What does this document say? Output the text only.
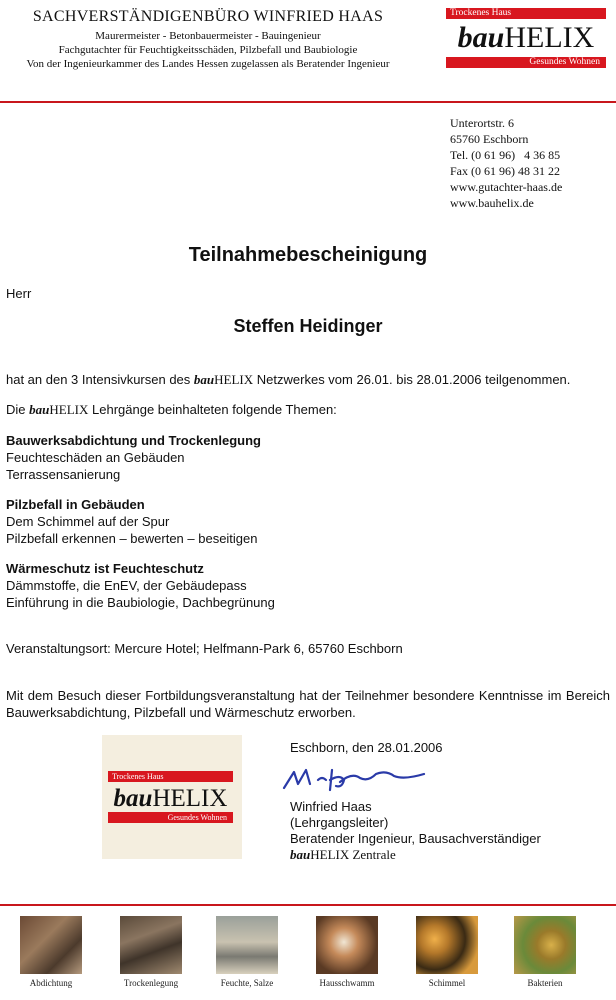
SACHVERSTÄNDIGENBÜRO WINFRIED HAAS
Maurermeister - Betonbauermeister - Bauingenieur
Fachgutachter für Feuchtigkeitsschäden, Pilzbefall und Baubiologie
Von der Ingenieurkammer des Landes Hessen zugelassen als Beratender Ingenieur
Trockenes Haus
bauHELIX
Gesundes Wohnen
Unterortstr. 6
65760 Eschborn
Tel. (0 61 96)   4 36 85
Fax (0 61 96) 48 31 22
www.gutachter-haas.de
www.bauhelix.de
Teilnahmebescheinigung
Herr
Steffen Heidinger
hat an den 3 Intensivkursen des bauHELIX Netzwerkes vom 26.01. bis 28.01.2006 teilgenommen.
Die bauHELIX Lehrgänge beinhalteten folgende Themen:
Bauwerksabdichtung und Trockenlegung
Feuchteschäden an Gebäuden
Terrassensanierung
Pilzbefall in Gebäuden
Dem Schimmel auf der Spur
Pilzbefall erkennen – bewerten – beseitigen
Wärmeschutz ist Feuchteschutz
Dämmstoffe, die EnEV, der Gebäudepass
Einführung in die Baubiologie, Dachbegrünung
Veranstaltungsort: Mercure Hotel; Helfmann-Park 6, 65760 Eschborn
Mit dem Besuch dieser Fortbildungsveranstaltung hat der Teilnehmer besondere Kenntnisse im Bereich Bauwerksabdichtung, Pilzbefall und Wärmeschutz erworben.
Trockenes Haus
bauHELIX
Gesundes Wohnen
Eschborn, den 28.01.2006
Winfried Haas
(Lehrgangsleiter)
Beratender Ingenieur, Bausachverständiger
bauHELIX Zentrale
Abdichtung	Trockenlegung	Feuchte, Salze	Hausschwamm	Schimmel	Bakterien
